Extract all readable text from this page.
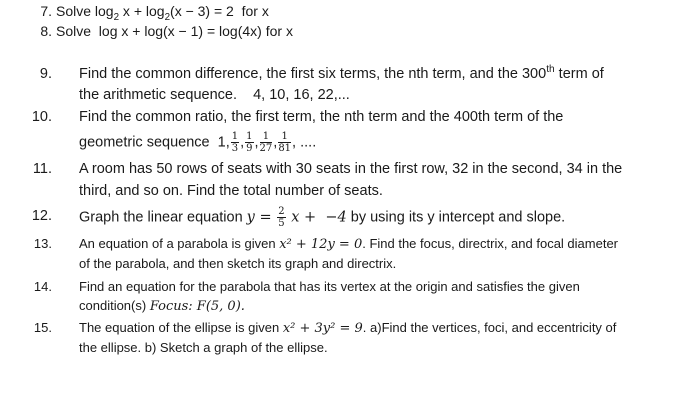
7. Solve $\log_2 x + \log_2(x - 3) = 2$  for x
8. Solve  log x + log(x − 1) = log(4x) for x
9. Find the common difference, the first six terms, the nth term, and the 300th term of
the arithmetic sequence.    4, 10, 16, 22,...
10. Find the common ratio, the first term, the nth term and the 400th term of the
geometric sequence  1, $\frac{1}{3}$ , $\frac{1}{9}$ , $\frac{1}{27}$ , $\frac{1}{81}$ , ....
11. A room has 50 rows of seats with 30 seats in the first row, 32 in the second, 34 in the
third, and so on. Find the total number of seats.
12. Graph the linear equation $y = \frac{2}{5}$ x +  −4 by using its y intercept and slope.
13. An equation of a parabola is given x² + 12y = 0. Find the focus, directrix, and focal diameter
of the parabola, and then sketch its graph and directrix.
14. Find an equation for the parabola that has its vertex at the origin and satisfies the given
condition(s) Focus: F(5, 0).
15. The equation of the ellipse is given x² + 3y² = 9. a)Find the vertices, foci, and eccentricity of
the ellipse. b) Sketch a graph of the ellipse.
